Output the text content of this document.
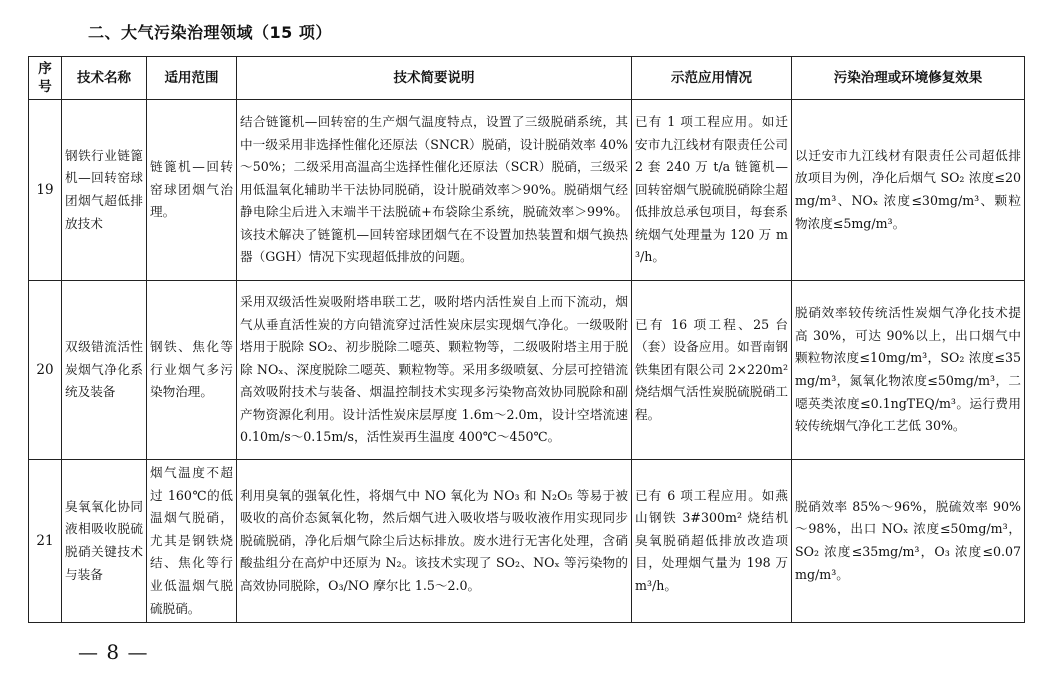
二、大气污染治理领域（15 项）
序号	技术名称	适用范围	技术简要说明	示范应用情况	污染治理或环境修复效果
19	钢铁行业链篦机—回转窑球团烟气超低排放技术	链篦机—回转窑球团烟气治理。	结合链篦机—回转窑的生产烟气温度特点，设置了三级脱硝系统，其中一级采用非选择性催化还原法（SNCR）脱硝，设计脱硝效率 40%～50%；二级采用高温高尘选择性催化还原法（SCR）脱硝，三级采用低温氧化辅助半干法协同脱硝，设计脱硝效率＞90%。脱硝烟气经静电除尘后进入末端半干法脱硫+布袋除尘系统，脱硫效率＞99%。该技术解决了链篦机—回转窑球团烟气在不设置加热装置和烟气换热器（GGH）情况下实现超低排放的问题。	已有 1 项工程应用。如迁安市九江线材有限责任公司 2 套 240 万 t/a 链篦机—回转窑烟气脱硫脱硝除尘超低排放总承包项目，每套系统烟气处理量为 120 万 m³/h。	以迁安市九江线材有限责任公司超低排放项目为例，净化后烟气 SO₂ 浓度≤20mg/m³、NOₓ 浓度≤30mg/m³、颗粒物浓度≤5mg/m³。
20	双级错流活性炭烟气净化系统及装备	钢铁、焦化等行业烟气多污染物治理。	采用双级活性炭吸附塔串联工艺，吸附塔内活性炭自上而下流动，烟气从垂直活性炭的方向错流穿过活性炭床层实现烟气净化。一级吸附塔用于脱除 SO₂、初步脱除二噁英、颗粒物等，二级吸附塔主用于脱除 NOₓ、深度脱除二噁英、颗粒物等。采用多级喷氨、分层可控错流高效吸附技术与装备、烟温控制技术实现多污染物高效协同脱除和副产物资源化利用。设计活性炭床层厚度 1.6m～2.0m，设计空塔流速 0.10m/s～0.15m/s，活性炭再生温度 400℃～450℃。	已有 16 项工程、25 台（套）设备应用。如晋南钢铁集团有限公司 2×220m² 烧结烟气活性炭脱硫脱硝工程。	脱硝效率较传统活性炭烟气净化技术提高 30%，可达 90%以上，出口烟气中颗粒物浓度≤10mg/m³，SO₂ 浓度≤35mg/m³，氮氧化物浓度≤50mg/m³，二噁英类浓度≤0.1ngTEQ/m³。运行费用较传统烟气净化工艺低 30%。
21	臭氧氧化协同液相吸收脱硫脱硝关键技术与装备	烟气温度不超过 160℃的低温烟气脱硝，尤其是钢铁烧结、焦化等行业低温烟气脱硫脱硝。	利用臭氧的强氧化性，将烟气中 NO 氧化为 NO₃ 和 N₂O₅ 等易于被吸收的高价态氮氧化物，然后烟气进入吸收塔与吸收液作用实现同步脱硫脱硝，净化后烟气除尘后达标排放。废水进行无害化处理，含硝酸盐组分在高炉中还原为 N₂。该技术实现了 SO₂、NOₓ 等污染物的高效协同脱除，O₃/NO 摩尔比 1.5～2.0。	已有 6 项工程应用。如燕山钢铁 3#300m² 烧结机臭氧脱硝超低排放改造项目，处理烟气量为 198 万 m³/h。	脱硝效率 85%～96%，脱硫效率 90%～98%，出口 NOₓ 浓度≤50mg/m³，SO₂ 浓度≤35mg/m³，O₃ 浓度≤0.07mg/m³。
— 8 —
